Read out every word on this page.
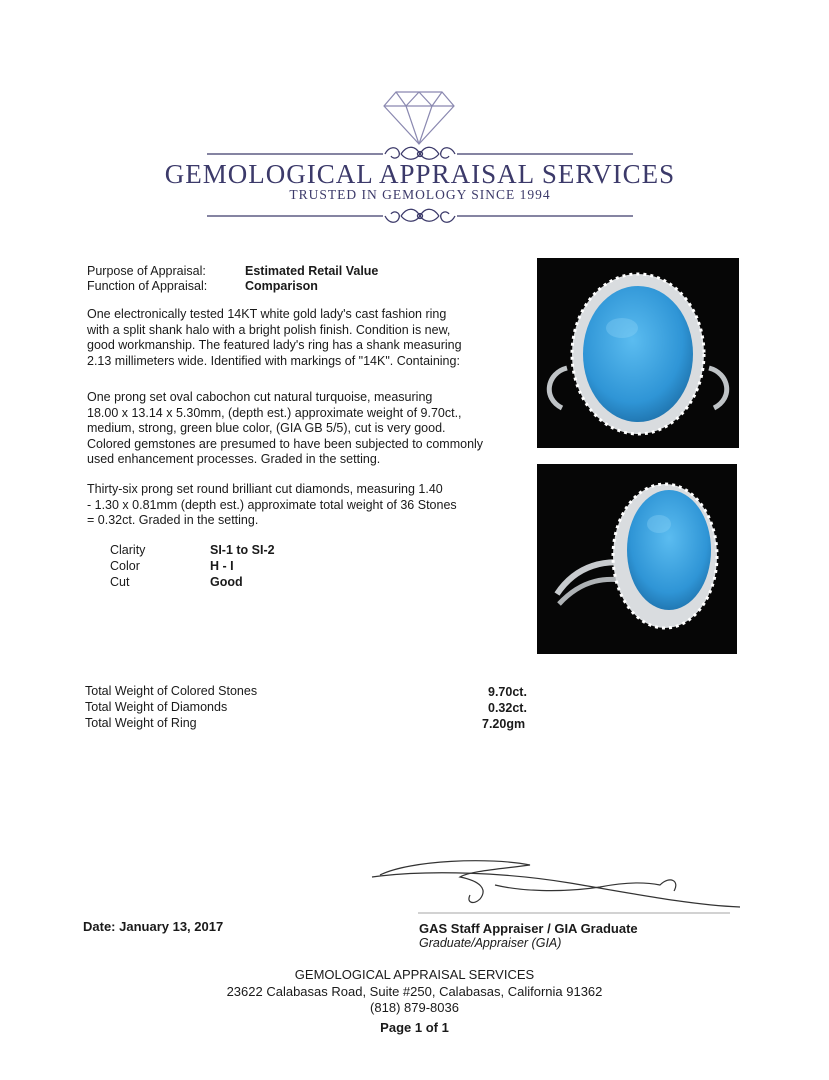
GEMOLOGICAL APPRAISAL SERVICES
TRUSTED IN GEMOLOGY SINCE 1994
Purpose of Appraisal:	Estimated Retail Value
Function of Appraisal:	Comparison
One electronically tested 14KT white gold lady's cast fashion ring
with a split shank halo with a bright polish finish. Condition is new,
good workmanship. The featured lady's ring has a shank measuring
2.13 millimeters wide. Identified with markings of "14K". Containing:
One prong set oval cabochon cut natural turquoise, measuring
18.00 x 13.14 x 5.30mm, (depth est.) approximate weight of 9.70ct.,
medium, strong, green blue color, (GIA GB 5/5), cut is very good.
Colored gemstones are presumed to have been subjected to commonly
used enhancement processes. Graded in the setting.
Thirty-six prong set round brilliant cut diamonds, measuring 1.40
- 1.30 x 0.81mm (depth est.) approximate total weight of 36 Stones
= 0.32ct. Graded in the setting.
Clarity	SI-1 to SI-2
Color	H - I
Cut	Good
Total Weight of Colored Stones	9.70ct.
Total Weight of Diamonds	0.32ct.
Total Weight of Ring	7.20gm
Date: January 13, 2017	GAS Staff Appraiser / GIA Graduate
Graduate/Appraiser (GIA)
GEMOLOGICAL APPRAISAL SERVICES
23622 Calabasas Road, Suite #250, Calabasas, California 91362
(818) 879-8036
Page 1 of 1
